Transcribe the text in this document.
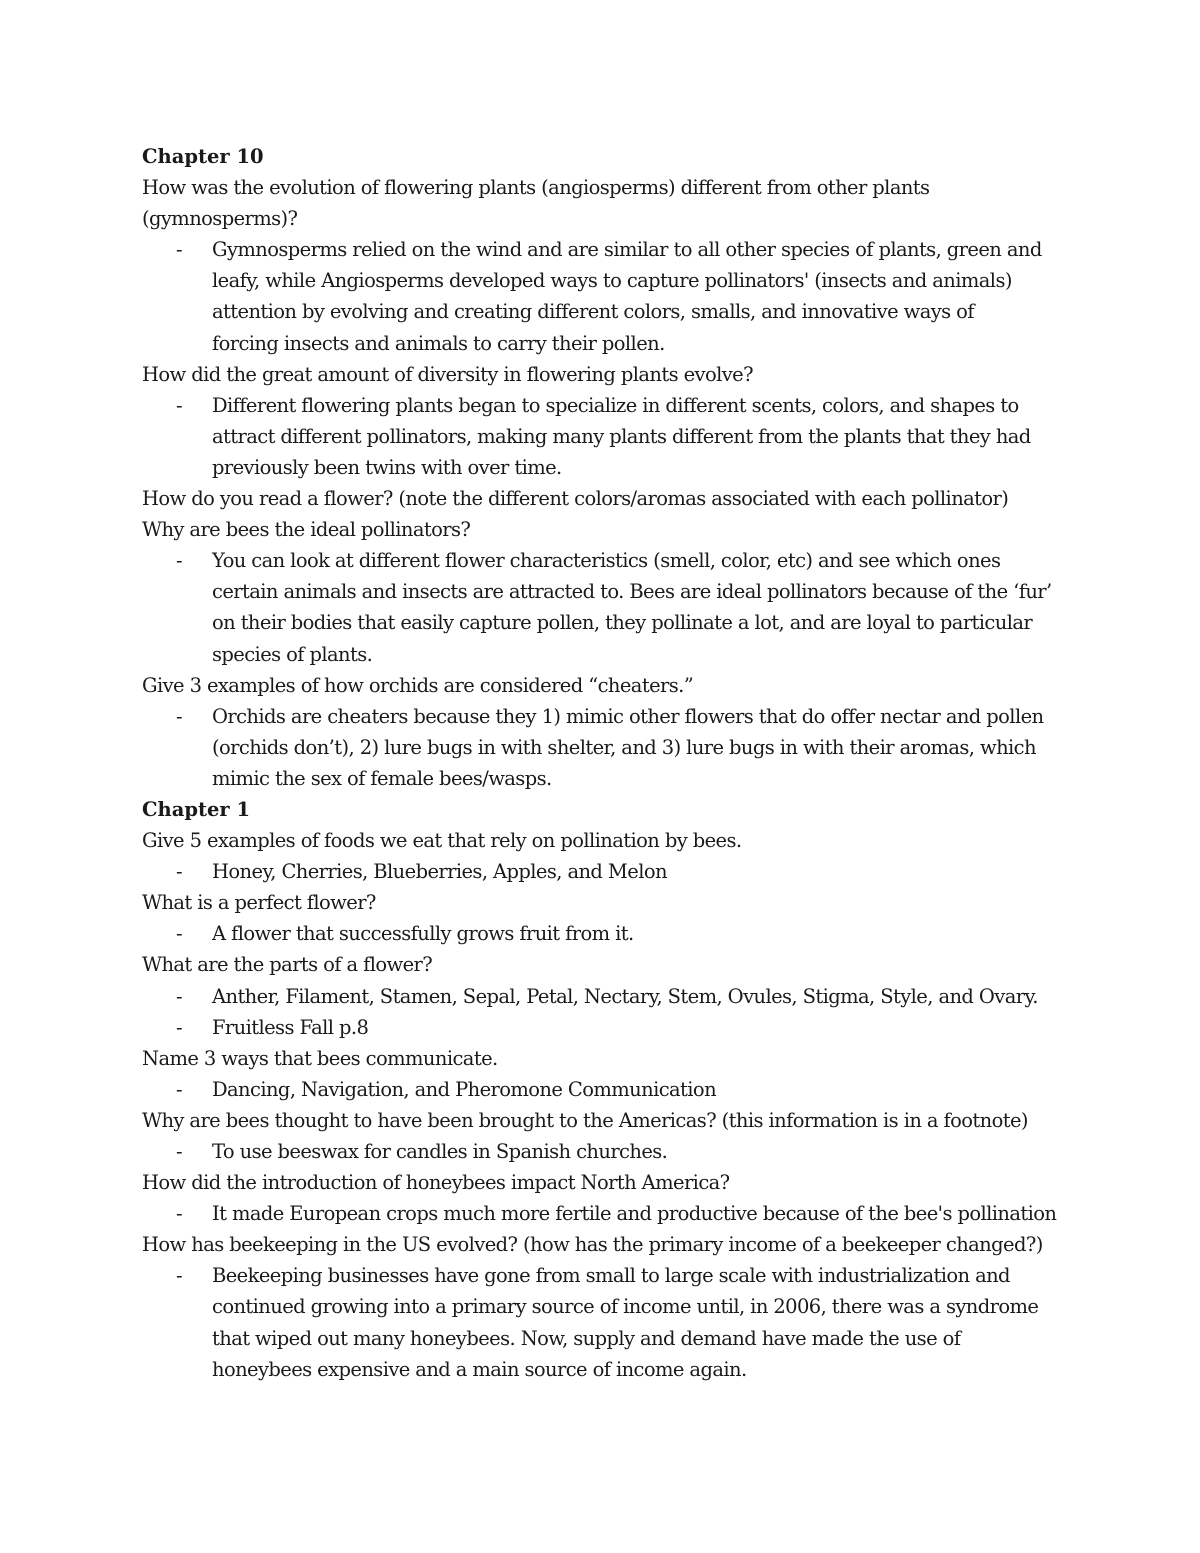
Chapter 10
How was the evolution of flowering plants (angiosperms) different from other plants
(gymnosperms)?
- Gymnosperms relied on the wind and are similar to all other species of plants, green and
leafy, while Angiosperms developed ways to capture pollinators' (insects and animals)
attention by evolving and creating different colors, smalls, and innovative ways of
forcing insects and animals to carry their pollen.
How did the great amount of diversity in flowering plants evolve?
- Different flowering plants began to specialize in different scents, colors, and shapes to
attract different pollinators, making many plants different from the plants that they had
previously been twins with over time.
How do you read a flower? (note the different colors/aromas associated with each pollinator)
Why are bees the ideal pollinators?
- You can look at different flower characteristics (smell, color, etc) and see which ones
certain animals and insects are attracted to. Bees are ideal pollinators because of the ‘fur’
on their bodies that easily capture pollen, they pollinate a lot, and are loyal to particular
species of plants.
Give 3 examples of how orchids are considered “cheaters.”
- Orchids are cheaters because they 1) mimic other flowers that do offer nectar and pollen
(orchids don’t), 2) lure bugs in with shelter, and 3) lure bugs in with their aromas, which
mimic the sex of female bees/wasps.
Chapter 1
Give 5 examples of foods we eat that rely on pollination by bees.
- Honey, Cherries, Blueberries, Apples, and Melon
What is a perfect flower?
- A flower that successfully grows fruit from it.
What are the parts of a flower?
- Anther, Filament, Stamen, Sepal, Petal, Nectary, Stem, Ovules, Stigma, Style, and Ovary.
- Fruitless Fall p.8
Name 3 ways that bees communicate.
- Dancing, Navigation, and Pheromone Communication
Why are bees thought to have been brought to the Americas? (this information is in a footnote)
- To use beeswax for candles in Spanish churches.
How did the introduction of honeybees impact North America?
- It made European crops much more fertile and productive because of the bee's pollination
How has beekeeping in the US evolved? (how has the primary income of a beekeeper changed?)
- Beekeeping businesses have gone from small to large scale with industrialization and
continued growing into a primary source of income until, in 2006, there was a syndrome
that wiped out many honeybees. Now, supply and demand have made the use of
honeybees expensive and a main source of income again.
